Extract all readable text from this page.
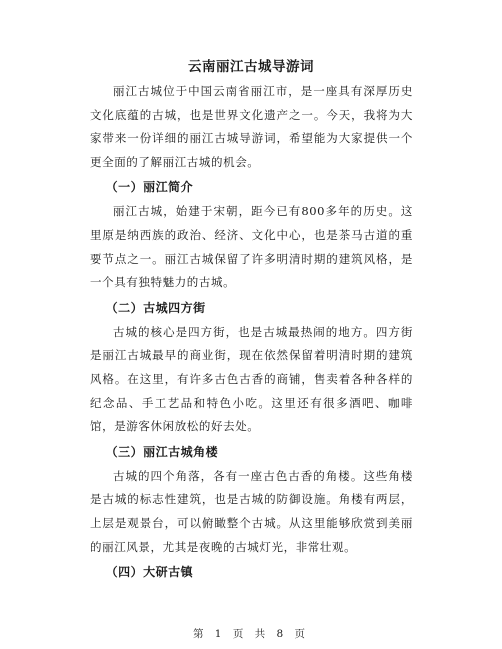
云南丽江古城导游词

丽江古城位于中国云南省丽江市，是一座具有深厚历史文化底蕴的古城，也是世界文化遗产之一。今天，我将为大家带来一份详细的丽江古城导游词，希望能为大家提供一个更全面的了解丽江古城的机会。

（一）丽江简介

丽江古城，始建于宋朝，距今已有800多年的历史。这里原是纳西族的政治、经济、文化中心，也是茶马古道的重要节点之一。丽江古城保留了许多明清时期的建筑风格，是一个具有独特魅力的古城。

（二）古城四方街

古城的核心是四方街，也是古城最热闹的地方。四方街是丽江古城最早的商业街，现在依然保留着明清时期的建筑风格。在这里，有许多古色古香的商铺，售卖着各种各样的纪念品、手工艺品和特色小吃。这里还有很多酒吧、咖啡馆，是游客休闲放松的好去处。

（三）丽江古城角楼

古城的四个角落，各有一座古色古香的角楼。这些角楼是古城的标志性建筑，也是古城的防御设施。角楼有两层，上层是观景台，可以俯瞰整个古城。从这里能够欣赏到美丽的丽江风景，尤其是夜晚的古城灯光，非常壮观。

（四）大研古镇

第 1 页 共 8 页
